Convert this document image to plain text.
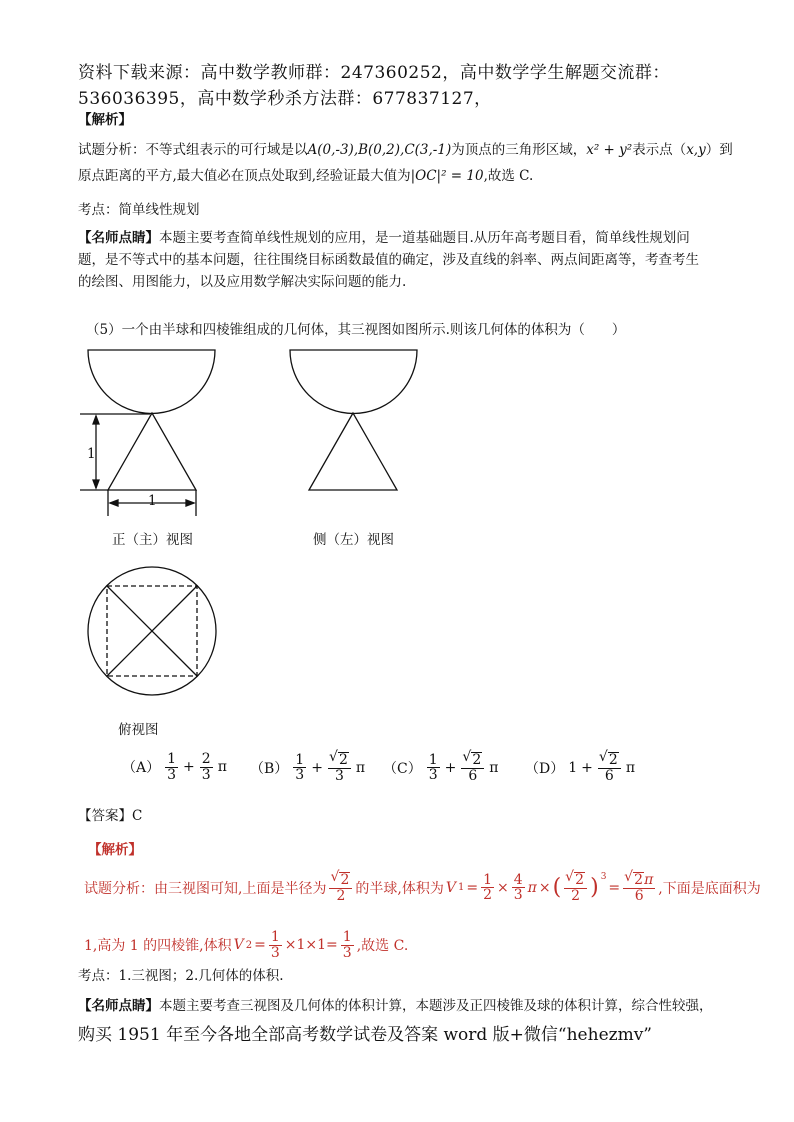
资料下载来源：高中数学教师群：247360252，高中数学学生解题交流群：
536036395，高中数学秒杀方法群：677837127，
【解析】
试题分析：不等式组表示的可行域是以A(0,-3),B(0,2),C(3,-1)为顶点的三角形区域，x² + y²表示点（x,y）到
原点距离的平方,最大值必在顶点处取到,经验证最大值为|OC|² = 10,故选 C.
考点：简单线性规划
【名师点睛】本题主要考查简单线性规划的应用，是一道基础题目.从历年高考题目看，简单线性规划问
题，是不等式中的基本问题，往往围绕目标函数最值的确定，涉及直线的斜率、两点间距离等，考查考生
的绘图、用图能力，以及应用数学解决实际问题的能力.
（5）一个由半球和四棱锥组成的几何体，其三视图如图所示.则该几何体的体积为（　　）
1
1
正（主）视图	侧（左）视图
俯视图
$(A) \frac{1}{3} + \frac{2}{3}$ π $(B) \frac{1}{3}$ + √ $\frac{2}{3}$ π $(C) \frac{1}{3}$ + √ $\frac{2}{6}$ π （D） 1 + √ $\frac{2}{6}$ π
【答案】C
【解析】
试题分析：由三视图可知,上面是半径为 √ $\frac{2}{2}$ 的半球,体积为 V $1 = \frac{1}{2} \times \frac{4}{3}$ π × ( √ $\frac{2}{2} )^3$
= √ $\frac{2\pi}{6}$ ,下面是底面积为
1,高为 1 的四棱锥,体积 V $2 = \frac{1}{3} \times 1\times 1= \frac{1}{3}$ ,故选 C.
考点：1.三视图；2.几何体的体积.
【名师点睛】本题主要考查三视图及几何体的体积计算，本题涉及正四棱锥及球的体积计算，综合性较强，
购买 1951 年至今各地全部高考数学试卷及答案 word 版+微信“hehezmv”
